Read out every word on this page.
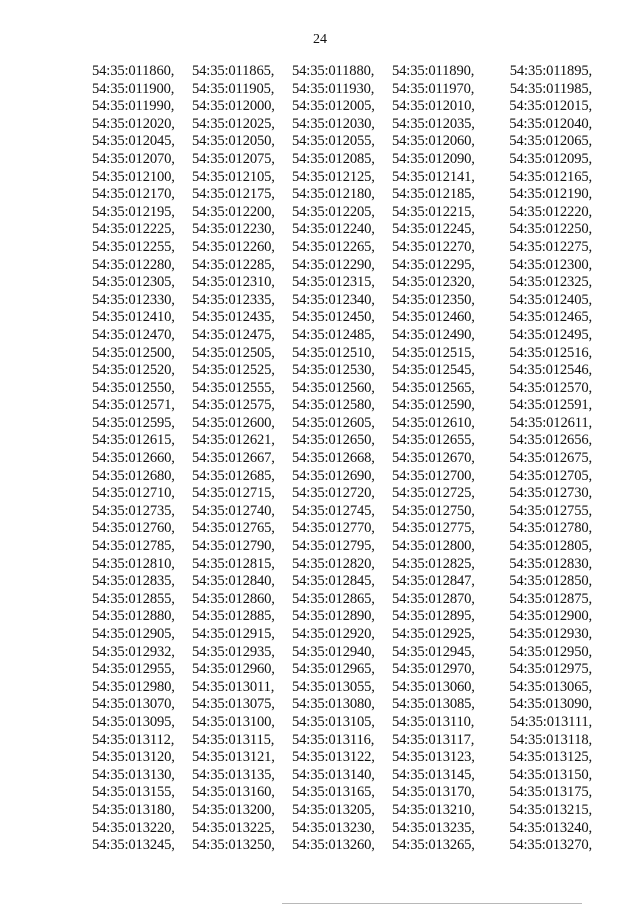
24
54:35:011860,	54:35:011865,	54:35:011880,	54:35:011890,	54:35:011895,
54:35:011900,	54:35:011905,	54:35:011930,	54:35:011970,	54:35:011985,
54:35:011990,	54:35:012000,	54:35:012005,	54:35:012010,	54:35:012015,
54:35:012020,	54:35:012025,	54:35:012030,	54:35:012035,	54:35:012040,
54:35:012045,	54:35:012050,	54:35:012055,	54:35:012060,	54:35:012065,
54:35:012070,	54:35:012075,	54:35:012085,	54:35:012090,	54:35:012095,
54:35:012100,	54:35:012105,	54:35:012125,	54:35:012141,	54:35:012165,
54:35:012170,	54:35:012175,	54:35:012180,	54:35:012185,	54:35:012190,
54:35:012195,	54:35:012200,	54:35:012205,	54:35:012215,	54:35:012220,
54:35:012225,	54:35:012230,	54:35:012240,	54:35:012245,	54:35:012250,
54:35:012255,	54:35:012260,	54:35:012265,	54:35:012270,	54:35:012275,
54:35:012280,	54:35:012285,	54:35:012290,	54:35:012295,	54:35:012300,
54:35:012305,	54:35:012310,	54:35:012315,	54:35:012320,	54:35:012325,
54:35:012330,	54:35:012335,	54:35:012340,	54:35:012350,	54:35:012405,
54:35:012410,	54:35:012435,	54:35:012450,	54:35:012460,	54:35:012465,
54:35:012470,	54:35:012475,	54:35:012485,	54:35:012490,	54:35:012495,
54:35:012500,	54:35:012505,	54:35:012510,	54:35:012515,	54:35:012516,
54:35:012520,	54:35:012525,	54:35:012530,	54:35:012545,	54:35:012546,
54:35:012550,	54:35:012555,	54:35:012560,	54:35:012565,	54:35:012570,
54:35:012571,	54:35:012575,	54:35:012580,	54:35:012590,	54:35:012591,
54:35:012595,	54:35:012600,	54:35:012605,	54:35:012610,	54:35:012611,
54:35:012615,	54:35:012621,	54:35:012650,	54:35:012655,	54:35:012656,
54:35:012660,	54:35:012667,	54:35:012668,	54:35:012670,	54:35:012675,
54:35:012680,	54:35:012685,	54:35:012690,	54:35:012700,	54:35:012705,
54:35:012710,	54:35:012715,	54:35:012720,	54:35:012725,	54:35:012730,
54:35:012735,	54:35:012740,	54:35:012745,	54:35:012750,	54:35:012755,
54:35:012760,	54:35:012765,	54:35:012770,	54:35:012775,	54:35:012780,
54:35:012785,	54:35:012790,	54:35:012795,	54:35:012800,	54:35:012805,
54:35:012810,	54:35:012815,	54:35:012820,	54:35:012825,	54:35:012830,
54:35:012835,	54:35:012840,	54:35:012845,	54:35:012847,	54:35:012850,
54:35:012855,	54:35:012860,	54:35:012865,	54:35:012870,	54:35:012875,
54:35:012880,	54:35:012885,	54:35:012890,	54:35:012895,	54:35:012900,
54:35:012905,	54:35:012915,	54:35:012920,	54:35:012925,	54:35:012930,
54:35:012932,	54:35:012935,	54:35:012940,	54:35:012945,	54:35:012950,
54:35:012955,	54:35:012960,	54:35:012965,	54:35:012970,	54:35:012975,
54:35:012980,	54:35:013011,	54:35:013055,	54:35:013060,	54:35:013065,
54:35:013070,	54:35:013075,	54:35:013080,	54:35:013085,	54:35:013090,
54:35:013095,	54:35:013100,	54:35:013105,	54:35:013110,	54:35:013111,
54:35:013112,	54:35:013115,	54:35:013116,	54:35:013117,	54:35:013118,
54:35:013120,	54:35:013121,	54:35:013122,	54:35:013123,	54:35:013125,
54:35:013130,	54:35:013135,	54:35:013140,	54:35:013145,	54:35:013150,
54:35:013155,	54:35:013160,	54:35:013165,	54:35:013170,	54:35:013175,
54:35:013180,	54:35:013200,	54:35:013205,	54:35:013210,	54:35:013215,
54:35:013220,	54:35:013225,	54:35:013230,	54:35:013235,	54:35:013240,
54:35:013245,	54:35:013250,	54:35:013260,	54:35:013265,	54:35:013270,
